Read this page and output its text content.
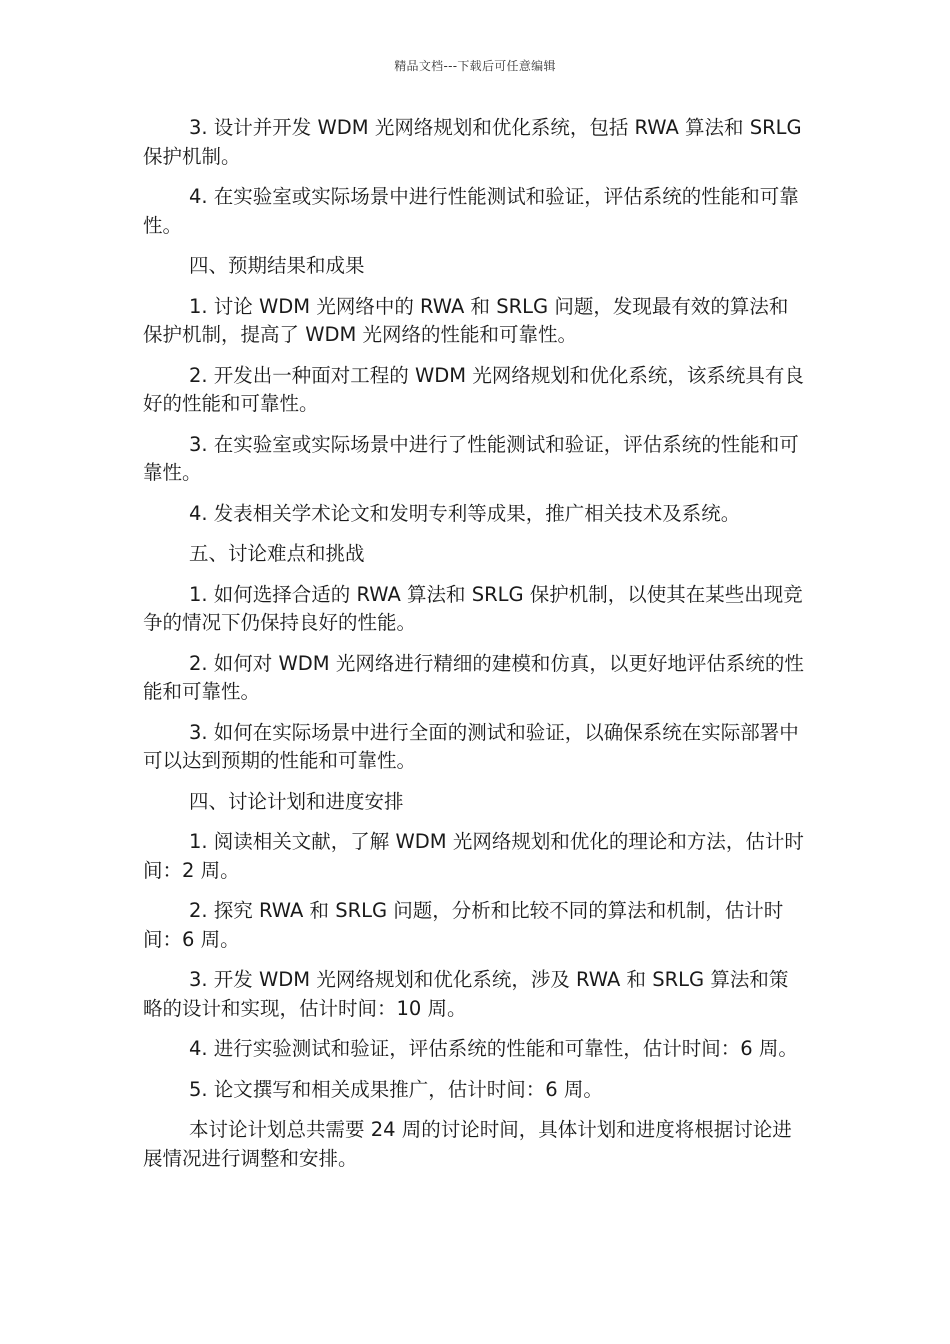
精品文档---下载后可任意编辑

3. 设计并开发 WDM 光网络规划和优化系统，包括 RWA 算法和 SRLG 保护机制。

4. 在实验室或实际场景中进行性能测试和验证，评估系统的性能和可靠性。

四、预期结果和成果

1. 讨论 WDM 光网络中的 RWA 和 SRLG 问题，发现最有效的算法和保护机制，提高了 WDM 光网络的性能和可靠性。

2. 开发出一种面对工程的 WDM 光网络规划和优化系统，该系统具有良好的性能和可靠性。

3. 在实验室或实际场景中进行了性能测试和验证，评估系统的性能和可靠性。

4. 发表相关学术论文和发明专利等成果，推广相关技术及系统。

五、讨论难点和挑战

1. 如何选择合适的 RWA 算法和 SRLG 保护机制，以使其在某些出现竞争的情况下仍保持良好的性能。

2. 如何对 WDM 光网络进行精细的建模和仿真，以更好地评估系统的性能和可靠性。

3. 如何在实际场景中进行全面的测试和验证，以确保系统在实际部署中可以达到预期的性能和可靠性。

四、讨论计划和进度安排

1. 阅读相关文献，了解 WDM 光网络规划和优化的理论和方法，估计时间：2 周。

2. 探究 RWA 和 SRLG 问题，分析和比较不同的算法和机制，估计时间：6 周。

3. 开发 WDM 光网络规划和优化系统，涉及 RWA 和 SRLG 算法和策略的设计和实现，估计时间：10 周。

4. 进行实验测试和验证，评估系统的性能和可靠性，估计时间：6 周。

5. 论文撰写和相关成果推广，估计时间：6 周。

本讨论计划总共需要 24 周的讨论时间，具体计划和进度将根据讨论进展情况进行调整和安排。
